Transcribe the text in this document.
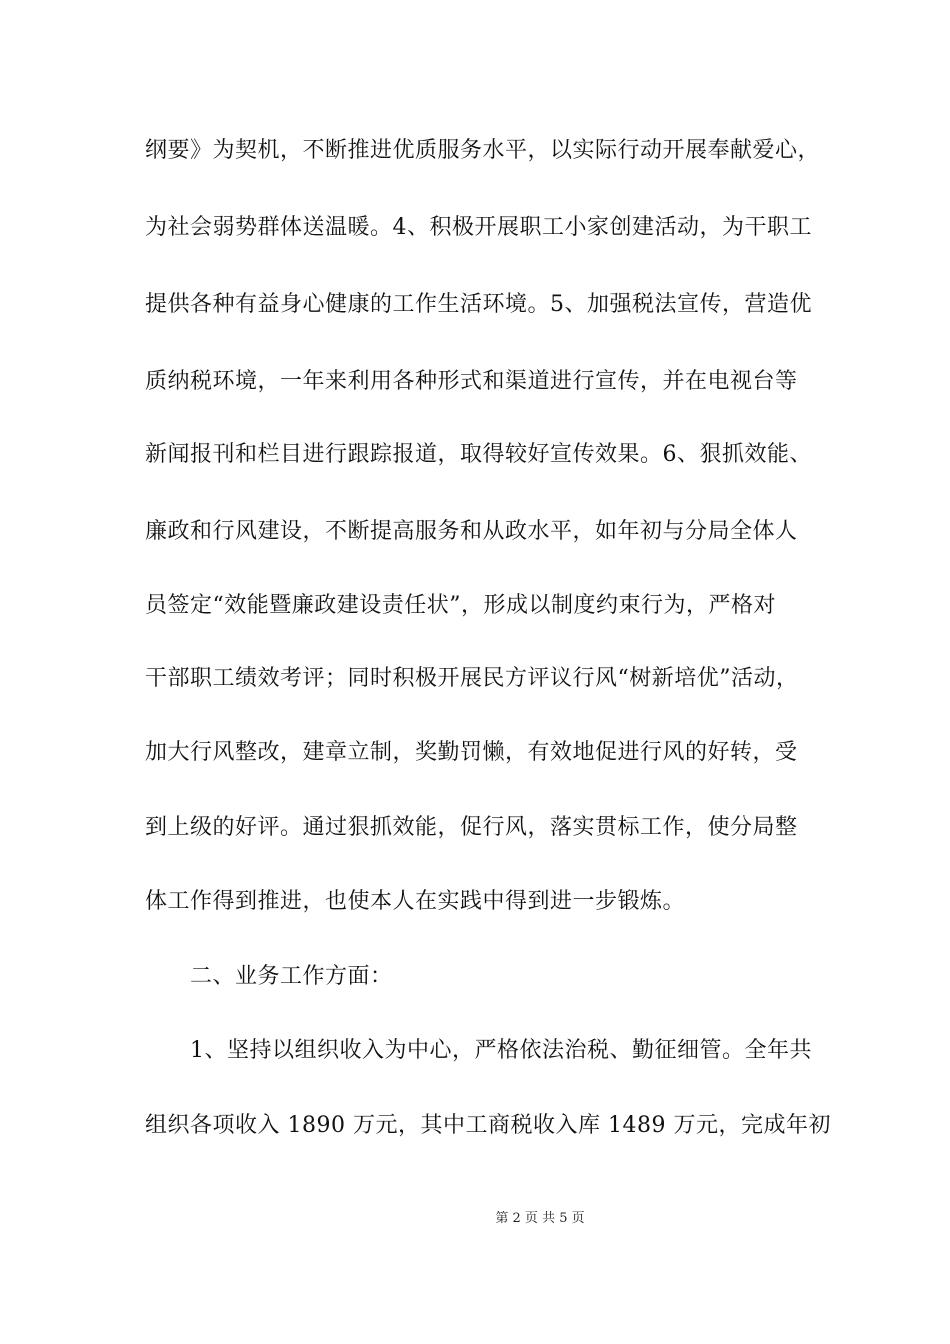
纲要》为契机，不断推进优质服务水平，以实际行动开展奉献爱心，
为社会弱势群体送温暖。4、积极开展职工小家创建活动，为干职工
提供各种有益身心健康的工作生活环境。5、加强税法宣传，营造优
质纳税环境，一年来利用各种形式和渠道进行宣传，并在电视台等
新闻报刊和栏目进行跟踪报道，取得较好宣传效果。6、狠抓效能、
廉政和行风建设，不断提高服务和从政水平，如年初与分局全体人
员签定“效能暨廉政建设责任状”，形成以制度约束行为，严格对
干部职工绩效考评；同时积极开展民方评议行风“树新培优”活动，
加大行风整改，建章立制，奖勤罚懒，有效地促进行风的好转，受
到上级的好评。通过狠抓效能，促行风，落实贯标工作，使分局整
体工作得到推进，也使本人在实践中得到进一步锻炼。
二、业务工作方面：
1、坚持以组织收入为中心，严格依法治税、勤征细管。全年共
组织各项收入 1890 万元，其中工商税收入库 1489 万元，完成年初
第 2 页 共 5 页
